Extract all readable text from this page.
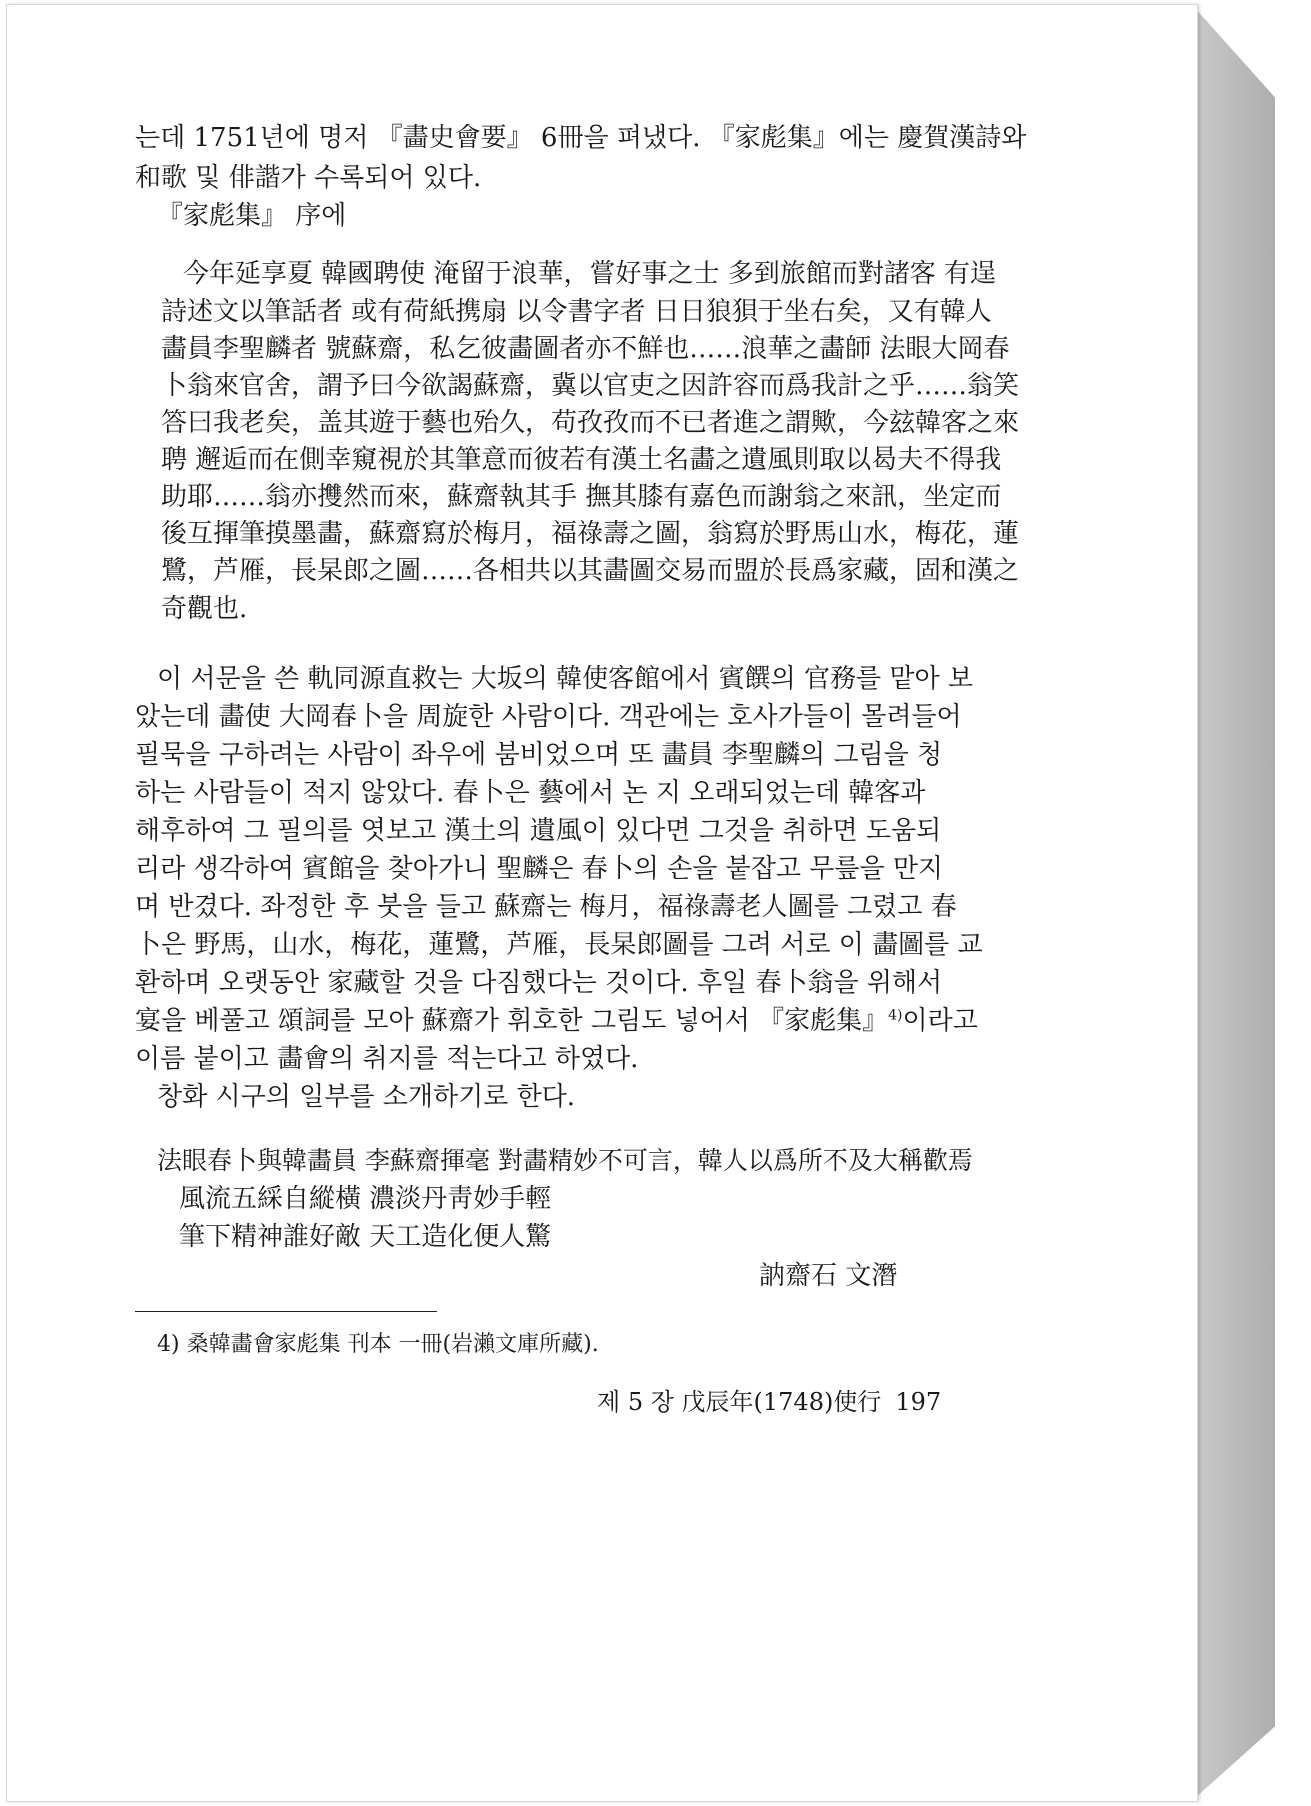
는데 1751년에 명저 『畵史會要』 6冊을 펴냈다. 『家彪集』에는 慶賀漢詩와
和歌 및 俳諧가 수록되어 있다.
『家彪集』 序에
今年延享夏 韓國聘使 淹留于浪華，嘗好事之士 多到旅館而對諸客 有逞
詩述文以筆話者 或有荷紙携扇 以令書字者 日日狼狽于坐右矣，又有韓人
畵員李聖麟者 號蘇齋，私乞彼畵圖者亦不鮮也……浪華之畵師 法眼大岡春
卜翁來官舍，謂予曰今欲謁蘇齋，冀以官吏之因許容而爲我計之乎……翁笑
答曰我老矣，盖其遊于藝也殆久，苟孜孜而不已者進之謂歟，今玆韓客之來
聘 邂逅而在側幸窺視於其筆意而彼若有漢土名畵之遺風則取以曷夫不得我
助耶……翁亦㩳然而來，蘇齋執其手 撫其膝有嘉色而謝翁之來訊，坐定而
後互揮筆摸墨畵，蘇齋寫於梅月，福祿壽之圖，翁寫於野馬山水，梅花，蓮
鷺，芦雁，長杲郎之圖……各相共以其畵圖交易而盟於長爲家藏，固和漢之
奇觀也.
이 서문을 쓴 軌同源直救는 大坂의 韓使客館에서 賓饌의 官務를 맡아 보
았는데 畵使 大岡春卜을 周旋한 사람이다. 객관에는 호사가들이 몰려들어
필묵을 구하려는 사람이 좌우에 붐비었으며 또 畵員 李聖麟의 그림을 청
하는 사람들이 적지 않았다. 春卜은 藝에서 논 지 오래되었는데 韓客과
해후하여 그 필의를 엿보고 漢土의 遺風이 있다면 그것을 취하면 도움되
리라 생각하여 賓館을 찾아가니 聖麟은 春卜의 손을 붙잡고 무릎을 만지
며 반겼다. 좌정한 후 붓을 들고 蘇齋는 梅月，福祿壽老人圖를 그렸고 春
卜은 野馬，山水，梅花，蓮鷺，芦雁，長杲郎圖를 그려 서로 이 畵圖를 교
환하며 오랫동안 家藏할 것을 다짐했다는 것이다. 후일 春卜翁을 위해서
宴을 베풀고 頌詞를 모아 蘇齋가 휘호한 그림도 넣어서 『家彪集』$^{4)}$이라고
이름 붙이고 畵會의 취지를 적는다고 하였다.
창화 시구의 일부를 소개하기로 한다.
法眼春卜與韓畵員 李蘇齋揮毫 對畵精妙不可言，韓人以爲所不及大稱歡焉
風流五綵自縱橫 濃淡丹靑妙手輕
筆下精神誰好敵 天工造化便人驚
訥齋石 文潛
4) 桑韓畵會家彪集 刊本 一冊(岩瀨文庫所藏).
제 5 장 戊辰年(1748)使行 197
